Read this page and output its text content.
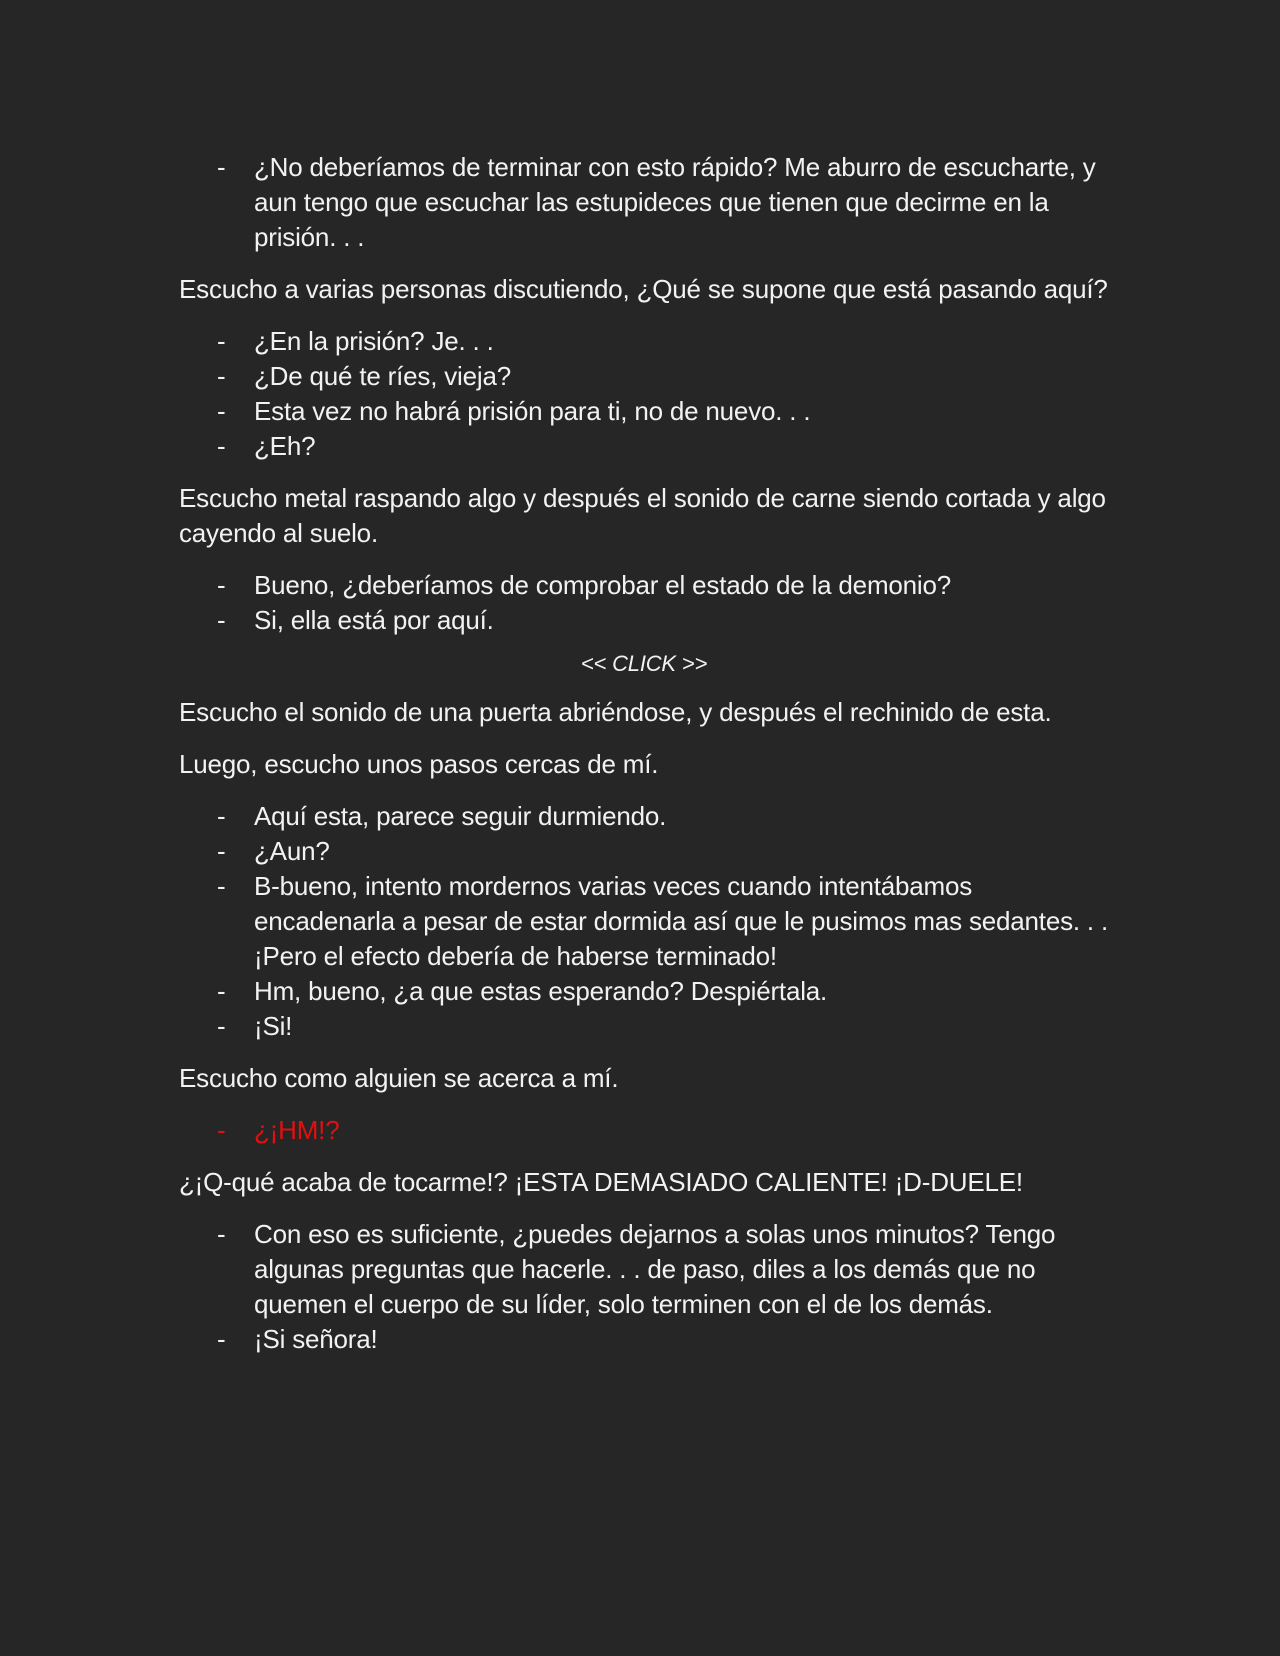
- ¿No deberíamos de terminar con esto rápido? Me aburro de escucharte, y aun tengo que escuchar las estupideces que tienen que decirme en la prisión. . .

Escucho a varias personas discutiendo, ¿Qué se supone que está pasando aquí?

- ¿En la prisión? Je. . .
- ¿De qué te ríes, vieja?
- Esta vez no habrá prisión para ti, no de nuevo. . .
- ¿Eh?

Escucho metal raspando algo y después el sonido de carne siendo cortada y algo cayendo al suelo.

- Bueno, ¿deberíamos de comprobar el estado de la demonio?
- Si, ella está por aquí.

<< CLICK >>

Escucho el sonido de una puerta abriéndose, y después el rechinido de esta.

Luego, escucho unos pasos cercas de mí.

- Aquí esta, parece seguir durmiendo.
- ¿Aun?
- B-bueno, intento mordernos varias veces cuando intentábamos encadenarla a pesar de estar dormida así que le pusimos mas sedantes. . . ¡Pero el efecto debería de haberse terminado!
- Hm, bueno, ¿a que estas esperando? Despiértala.
- ¡Si!

Escucho como alguien se acerca a mí.

- ¿¡HM!?

¿¡Q-qué acaba de tocarme!? ¡ESTA DEMASIADO CALIENTE! ¡D-DUELE!

- Con eso es suficiente, ¿puedes dejarnos a solas unos minutos? Tengo algunas preguntas que hacerle. . . de paso, diles a los demás que no quemen el cuerpo de su líder, solo terminen con el de los demás.
- ¡Si señora!
